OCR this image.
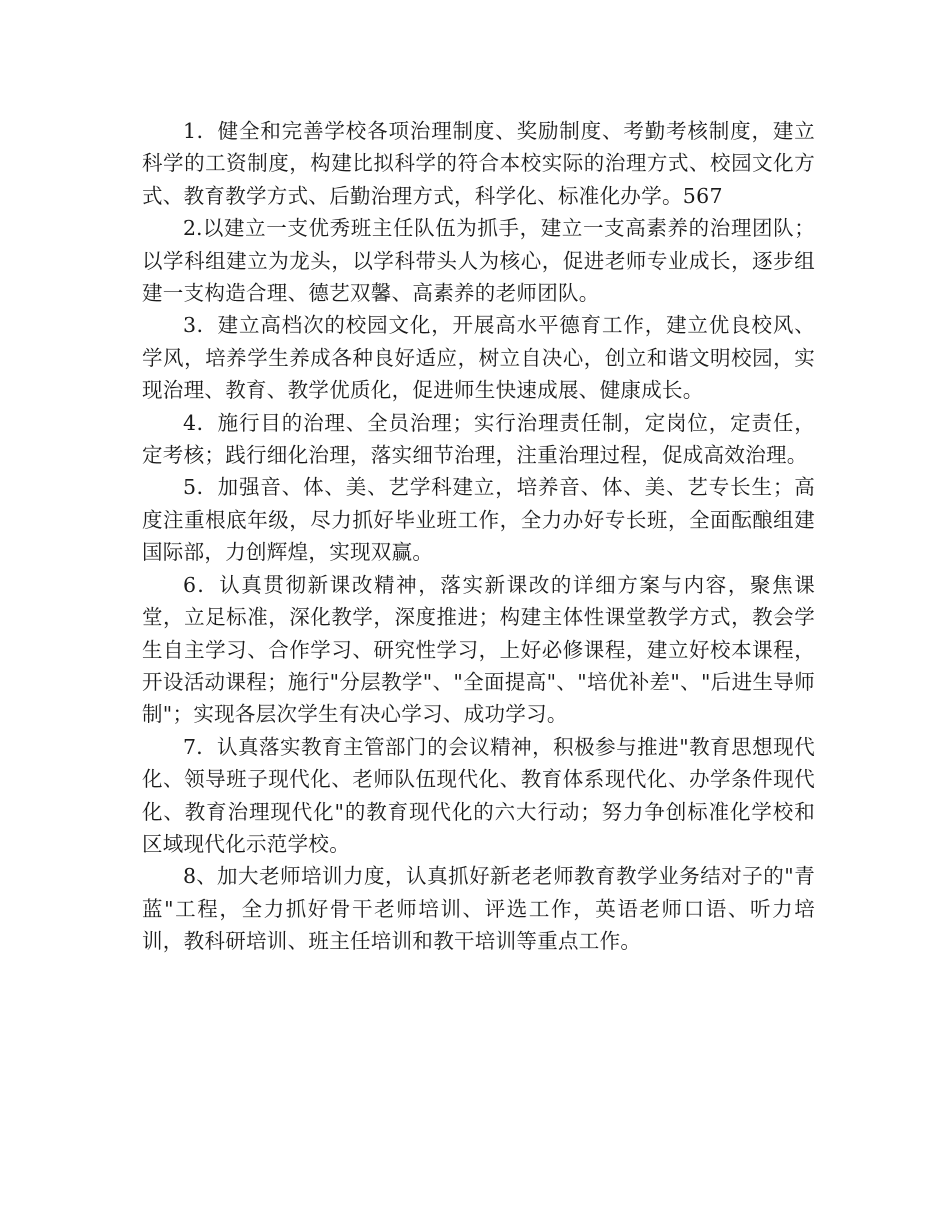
1．健全和完善学校各项治理制度、奖励制度、考勤考核制度，建立科学的工资制度，构建比拟科学的符合本校实际的治理方式、校园文化方式、教育教学方式、后勤治理方式，科学化、标准化办学。567

2.以建立一支优秀班主任队伍为抓手，建立一支高素养的治理团队；以学科组建立为龙头，以学科带头人为核心，促进老师专业成长，逐步组建一支构造合理、德艺双馨、高素养的老师团队。

3．建立高档次的校园文化，开展高水平德育工作，建立优良校风、学风，培养学生养成各种良好适应，树立自决心，创立和谐文明校园，实现治理、教育、教学优质化，促进师生快速成展、健康成长。

4．施行目的治理、全员治理；实行治理责任制，定岗位，定责任，定考核；践行细化治理，落实细节治理，注重治理过程，促成高效治理。

5．加强音、体、美、艺学科建立，培养音、体、美、艺专长生；高度注重根底年级，尽力抓好毕业班工作，全力办好专长班，全面酝酿组建国际部，力创辉煌，实现双赢。

6．认真贯彻新课改精神，落实新课改的详细方案与内容，聚焦课堂，立足标准，深化教学，深度推进；构建主体性课堂教学方式，教会学生自主学习、合作学习、研究性学习，上好必修课程，建立好校本课程，开设活动课程；施行"分层教学"、"全面提高"、"培优补差"、"后进生导师制"；实现各层次学生有决心学习、成功学习。

7．认真落实教育主管部门的会议精神，积极参与推进"教育思想现代化、领导班子现代化、老师队伍现代化、教育体系现代化、办学条件现代化、教育治理现代化"的教育现代化的六大行动；努力争创标准化学校和区域现代化示范学校。

8、加大老师培训力度，认真抓好新老老师教育教学业务结对子的"青蓝"工程，全力抓好骨干老师培训、评选工作，英语老师口语、听力培训，教科研培训、班主任培训和教干培训等重点工作。
